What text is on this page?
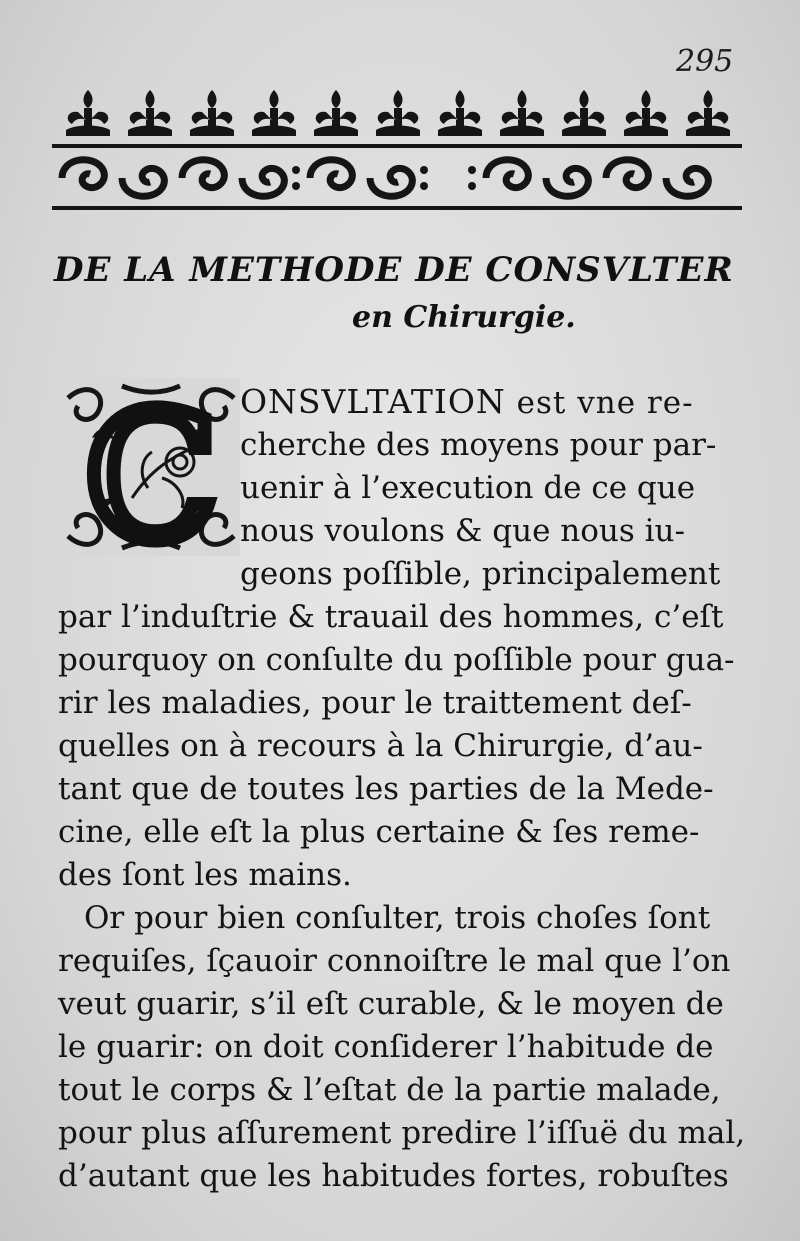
295
DE LA METHODE DE CONSVLTER
en Chirurgie.
C ONSVLTATION est vne re-
cherche des moyens pour par-
uenir à l’execution de ce que
nous voulons & que nous iu-
geons poſſible, principalement
par l’induſtrie & trauail des hommes, c’eſt
pourquoy on conſulte du poſſible pour gua-
rir les maladies, pour le traittement deſ-
quelles on à recours à la Chirurgie, d’au-
tant que de toutes les parties de la Mede-
cine, elle eſt la plus certaine & ſes reme-
des ſont les mains.
Or pour bien conſulter, trois choſes ſont
requiſes, ſçauoir connoiſtre le mal que l’on
veut guarir, s’il eſt curable, & le moyen de
le guarir: on doit conſiderer l’habitude de
tout le corps & l’eſtat de la partie malade,
pour plus aſſurement predire l’iſſuë du mal,
d’autant que les habitudes fortes, robuſtes
